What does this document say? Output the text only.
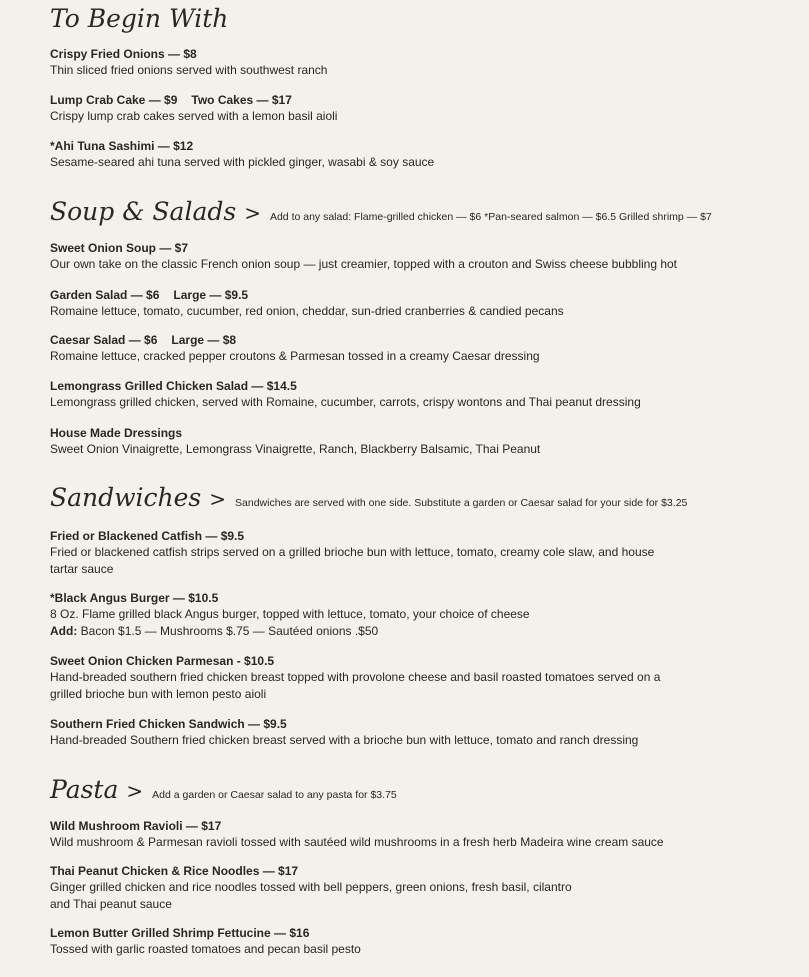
To Begin With
Crispy Fried Onions — $8
Thin sliced fried onions served with southwest ranch
Lump Crab Cake — $9 Two Cakes — $17
Crispy lump crab cakes served with a lemon basil aioli
*Ahi Tuna Sashimi — $12
Sesame-seared ahi tuna served with pickled ginger, wasabi & soy sauce
Soup & Salads > Add to any salad: Flame-grilled chicken — $6 *Pan-seared salmon — $6.5 Grilled shrimp — $7
Sweet Onion Soup — $7
Our own take on the classic French onion soup — just creamier, topped with a crouton and Swiss cheese bubbling hot
Garden Salad — $6 Large — $9.5
Romaine lettuce, tomato, cucumber, red onion, cheddar, sun-dried cranberries & candied pecans
Caesar Salad — $6 Large — $8
Romaine lettuce, cracked pepper croutons & Parmesan tossed in a creamy Caesar dressing
Lemongrass Grilled Chicken Salad — $14.5
Lemongrass grilled chicken, served with Romaine, cucumber, carrots, crispy wontons and Thai peanut dressing
House Made Dressings
Sweet Onion Vinaigrette, Lemongrass Vinaigrette, Ranch, Blackberry Balsamic, Thai Peanut
Sandwiches > Sandwiches are served with one side. Substitute a garden or Caesar salad for your side for $3.25
Fried or Blackened Catfish — $9.5
Fried or blackened catfish strips served on a grilled brioche bun with lettuce, tomato, creamy cole slaw, and house
tartar sauce
*Black Angus Burger — $10.5
8 Oz. Flame grilled black Angus burger, topped with lettuce, tomato, your choice of cheese
Add: Bacon $1.5 — Mushrooms $.75 — Sautéed onions .$50
Sweet Onion Chicken Parmesan - $10.5
Hand-breaded southern fried chicken breast topped with provolone cheese and basil roasted tomatoes served on a
grilled brioche bun with lemon pesto aioli
Southern Fried Chicken Sandwich — $9.5
Hand-breaded Southern fried chicken breast served with a brioche bun with lettuce, tomato and ranch dressing
Pasta > Add a garden or Caesar salad to any pasta for $3.75
Wild Mushroom Ravioli — $17
Wild mushroom & Parmesan ravioli tossed with sautéed wild mushrooms in a fresh herb Madeira wine cream sauce
Thai Peanut Chicken & Rice Noodles — $17
Ginger grilled chicken and rice noodles tossed with bell peppers, green onions, fresh basil, cilantro
and Thai peanut sauce
Lemon Butter Grilled Shrimp Fettucine — $16
Tossed with garlic roasted tomatoes and pecan basil pesto
